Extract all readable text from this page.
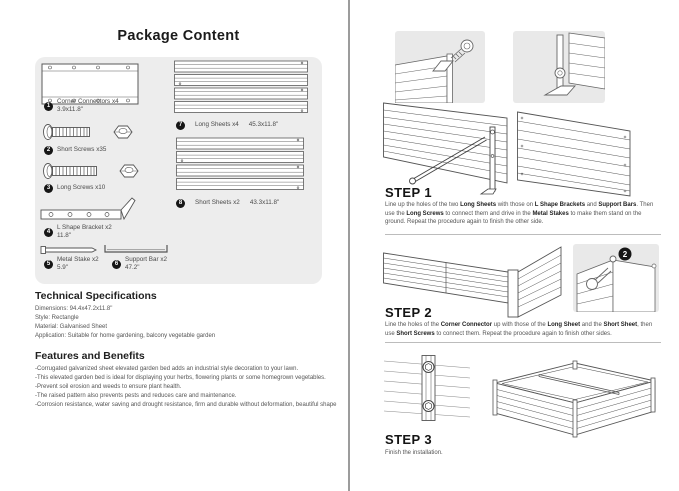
Package Content
1
Corner Connectors x4
3.9x11.8"
2	Short Screws x35
3	Long Screws x10
4
L Shape Bracket x2
11.8"
5
Metal Stake x2
5.9"
6
Support Bar x2
47.2"
7	Long Sheets x4 45.3x11.8"
8	Short Sheets x2 43.3x11.8"
Technical Specifications
Dimensions: 94.4x47.2x11.8"
Style: Rectangle
Material: Galvanised Sheet
Application: Suitable for home gardening, balcony vegetable garden
Features and Benefits
-Corrugated galvanized sheet elevated garden bed adds an industrial style decoration to your lawn.
-This elevated garden bed is ideal for displaying your herbs, flowering plants or some homegrown vegetables.
-Prevent soil erosion and weeds to ensure plant health.
-The raised pattern also prevents pests and reduces care and maintenance.
-Corrosion resistance, water saving and drought resistance, firm and durable without deformation, beautiful shape
STEP 1

Line up the holes of the two Long Sheets with those on L Shape Brackets and Support Bars. Then use the Long Screws to connect them and drive in the Metal Stakes to make them stand on the ground. Repeat the procedure again to finish the other side.

2
STEP 2

Line the holes of the Corner Connector up with those of the Long Sheet and the Short Sheet, then use Short Screws to connect them. Repeat the procedure again to finish other sides.

STEP 3
Finish the installation.
